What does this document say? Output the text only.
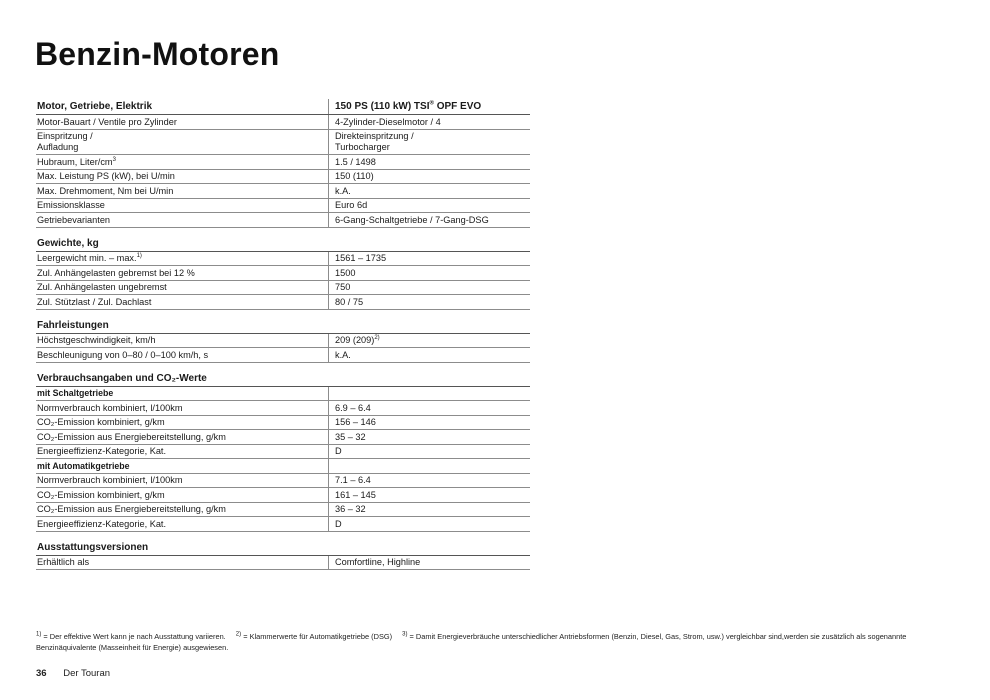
Benzin-Motoren
Motor, Getriebe, Elektrik	150 PS (110 kW) TSI® OPF EVO
Motor-Bauart / Ventile pro Zylinder	4-Zylinder-Dieselmotor / 4
Einspritzung /
Aufladung	Direkteinspritzung /
Turbocharger
Hubraum, Liter/$cm^3$	1.5 / 1498
Max. Leistung PS (kW), bei U/min	150 (110)
Max. Drehmoment, Nm bei U/min	k.A.
Emissionsklasse	Euro 6d
Getriebevarianten	6-Gang-Schaltgetriebe / 7-Gang-DSG
Gewichte, kg	
Leergewicht min. – max.$^{1)}$	1561 – 1735
Zul. Anhängelasten gebremst bei 12 %	1500
Zul. Anhängelasten ungebremst	750
Zul. Stützlast / Zul. Dachlast	80 / 75
Fahrleistungen	
Höchstgeschwindigkeit, km/h	209 $(209)^{2)}$
Beschleunigung von 0–80 / 0–100 km/h, s	k.A.
Verbrauchsangaben und CO₂-Werte	
mit Schaltgetriebe	
Normverbrauch kombiniert, l/100km	6.9 – 6.4
CO₂-Emission kombiniert, g/km	156 – 146
CO₂-Emission aus Energiebereitstellung, g/km	35 – 32
Energieeffizienz-Kategorie, Kat.	D
mit Automatikgetriebe	
Normverbrauch kombiniert, l/100km	7.1 – 6.4
CO₂-Emission kombiniert, g/km	161 – 145
CO₂-Emission aus Energiebereitstellung, g/km	36 – 32
Energieeffizienz-Kategorie, Kat.	D
Ausstattungsversionen	
Erhältlich als	Comfortline, Highline
$^{1)}$ = Der effektive Wert kann je nach Ausstattung variieren. $^{2)}$ = Klammerwerte für Automatikgetriebe (DSG) $^{3)}$ = Damit Energieverbräuche unterschiedlicher Antriebsformen (Benzin, Diesel, Gas, Strom, usw.) vergleichbar sind,werden sie zusätzlich als sogenannte Benzinäquivalente (Masseinheit für Energie) ausgewiesen.
36 Der Touran
